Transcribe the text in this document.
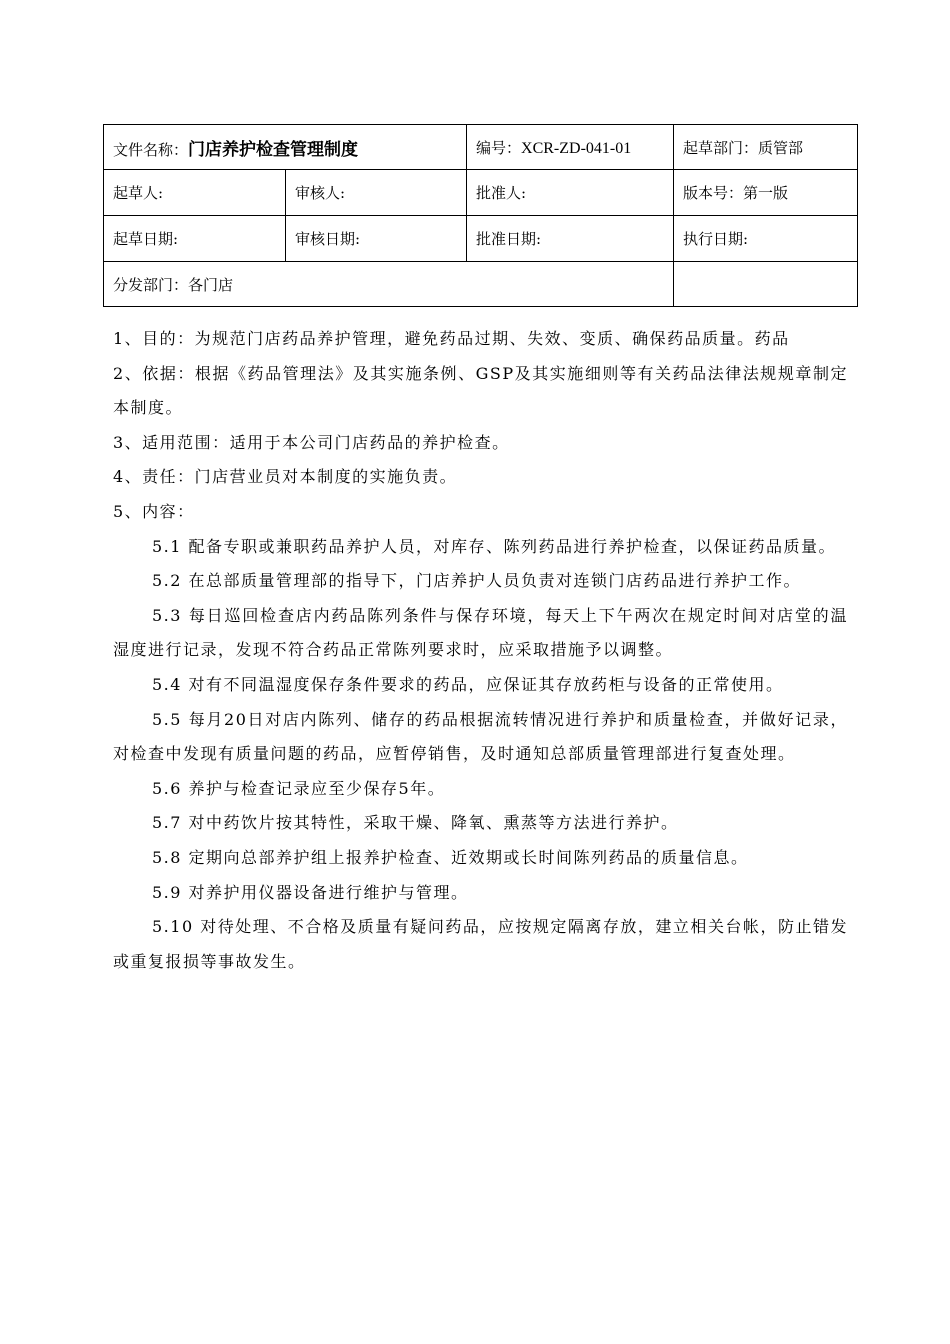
文件名称：门店养护检查管理制度		编号：XCR-ZD-041-01	起草部门：质管部
起草人:	审核人:	批准人:	版本号：第一版
起草日期:	审核日期:	批准日期:	执行日期:
分发部门：各门店			

1、目的：为规范门店药品养护管理，避免药品过期、失效、变质、确保药品质量。药品

2、依据：根据《药品管理法》及其实施条例、GSP及其实施细则等有关药品法律法规规章制定本制度。

3、适用范围：适用于本公司门店药品的养护检查。

4、责任：门店营业员对本制度的实施负责。

5、内容：

5.1 配备专职或兼职药品养护人员，对库存、陈列药品进行养护检查，以保证药品质量。

5.2 在总部质量管理部的指导下，门店养护人员负责对连锁门店药品进行养护工作。

5.3 每日巡回检查店内药品陈列条件与保存环境，每天上下午两次在规定时间对店堂的温湿度进行记录，发现不符合药品正常陈列要求时，应采取措施予以调整。

5.4 对有不同温湿度保存条件要求的药品，应保证其存放药柜与设备的正常使用。

5.5 每月20日对店内陈列、储存的药品根据流转情况进行养护和质量检查，并做好记录，对检查中发现有质量问题的药品，应暂停销售，及时通知总部质量管理部进行复查处理。

5.6 养护与检查记录应至少保存5年。

5.7 对中药饮片按其特性，采取干燥、降氧、熏蒸等方法进行养护。

5.8 定期向总部养护组上报养护检查、近效期或长时间陈列药品的质量信息。

5.9 对养护用仪器设备进行维护与管理。

5.10 对待处理、不合格及质量有疑问药品，应按规定隔离存放，建立相关台帐，防止错发或重复报损等事故发生。
